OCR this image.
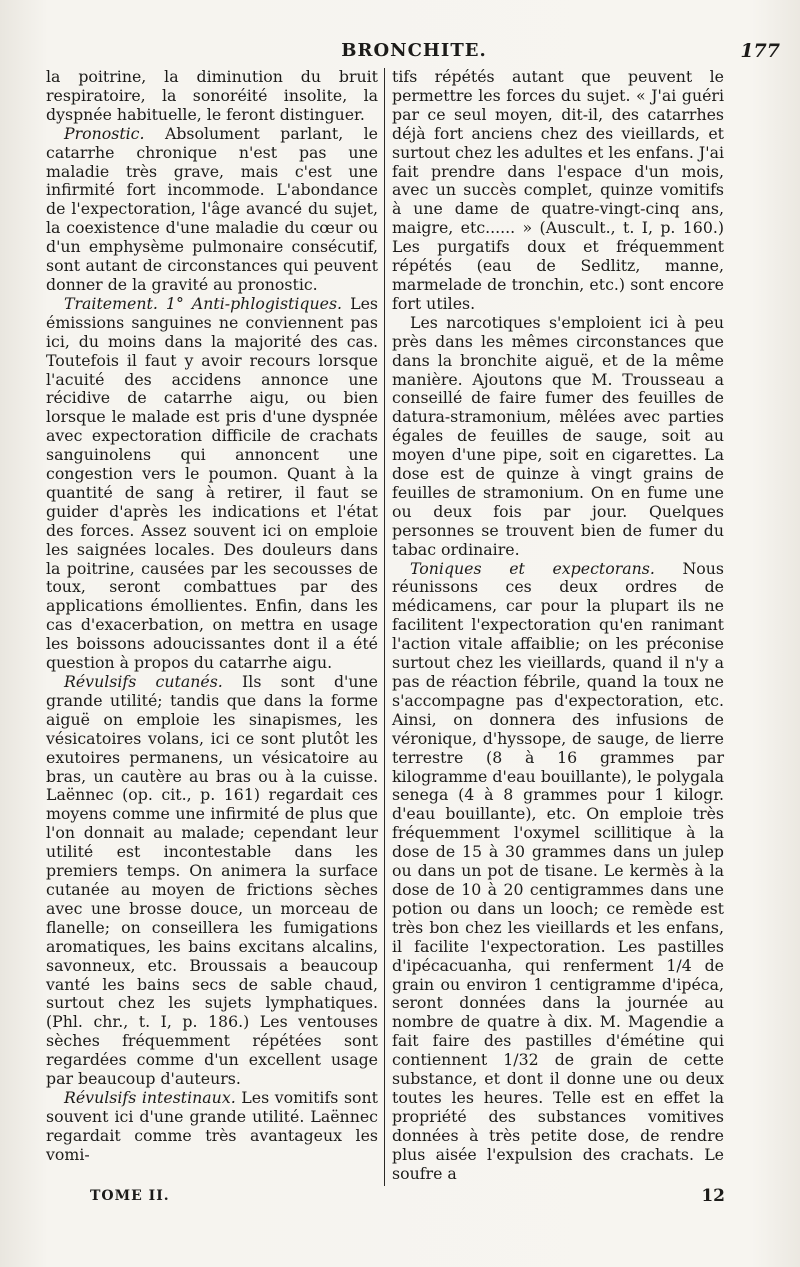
BRONCHITE.	177

la poitrine, la diminution du bruit respiratoire, la sonoréité insolite, la dyspnée habituelle, le feront distinguer.

Pronostic. Absolument parlant, le catarrhe chronique n'est pas une maladie très grave, mais c'est une infirmité fort incommode. L'abondance de l'expectoration, l'âge avancé du sujet, la coexistence d'une maladie du cœur ou d'un emphysème pulmonaire consécutif, sont autant de circonstances qui peuvent donner de la gravité au pronostic.

Traitement. 1° Anti-phlogistiques. Les émissions sanguines ne conviennent pas ici, du moins dans la majorité des cas. Toutefois il faut y avoir recours lorsque l'acuité des accidens annonce une récidive de catarrhe aigu, ou bien lorsque le malade est pris d'une dyspnée avec expectoration difficile de crachats sanguinolens qui annoncent une congestion vers le poumon. Quant à la quantité de sang à retirer, il faut se guider d'après les indications et l'état des forces. Assez souvent ici on emploie les saignées locales. Des douleurs dans la poitrine, causées par les secousses de toux, seront combattues par des applications émollientes. Enfin, dans les cas d'exacerbation, on mettra en usage les boissons adoucissantes dont il a été question à propos du catarrhe aigu.

Révulsifs cutanés. Ils sont d'une grande utilité; tandis que dans la forme aiguë on emploie les sinapismes, les vésicatoires volans, ici ce sont plutôt les exutoires permanens, un vésicatoire au bras, un cautère au bras ou à la cuisse. Laënnec (op. cit., p. 161) regardait ces moyens comme une infirmité de plus que l'on donnait au malade; cependant leur utilité est incontestable dans les premiers temps. On animera la surface cutanée au moyen de frictions sèches avec une brosse douce, un morceau de flanelle; on conseillera les fumigations aromatiques, les bains excitans alcalins, savonneux, etc. Broussais a beaucoup vanté les bains secs de sable chaud, surtout chez les sujets lymphatiques. (Phl. chr., t. I, p. 186.) Les ventouses sèches fréquemment répétées sont regardées comme d'un excellent usage par beaucoup d'auteurs.

Révulsifs intestinaux. Les vomitifs sont souvent ici d'une grande utilité. Laënnec regardait comme très avantageux les vomi-

tifs répétés autant que peuvent le permettre les forces du sujet. « J'ai guéri par ce seul moyen, dit-il, des catarrhes déjà fort anciens chez des vieillards, et surtout chez les adultes et les enfans. J'ai fait prendre dans l'espace d'un mois, avec un succès complet, quinze vomitifs à une dame de quatre-vingt-cinq ans, maigre, etc...... » (Auscult., t. I, p. 160.) Les purgatifs doux et fréquemment répétés (eau de Sedlitz, manne, marmelade de tronchin, etc.) sont encore fort utiles.

Les narcotiques s'emploient ici à peu près dans les mêmes circonstances que dans la bronchite aiguë, et de la même manière. Ajoutons que M. Trousseau a conseillé de faire fumer des feuilles de datura-stramonium, mêlées avec parties égales de feuilles de sauge, soit au moyen d'une pipe, soit en cigarettes. La dose est de quinze à vingt grains de feuilles de stramonium. On en fume une ou deux fois par jour. Quelques personnes se trouvent bien de fumer du tabac ordinaire.

Toniques et expectorans. Nous réunissons ces deux ordres de médicamens, car pour la plupart ils ne facilitent l'expectoration qu'en ranimant l'action vitale affaiblie; on les préconise surtout chez les vieillards, quand il n'y a pas de réaction fébrile, quand la toux ne s'accompagne pas d'expectoration, etc. Ainsi, on donnera des infusions de véronique, d'hyssope, de sauge, de lierre terrestre (8 à 16 grammes par kilogramme d'eau bouillante), le polygala senega (4 à 8 grammes pour 1 kilogr. d'eau bouillante), etc. On emploie très fréquemment l'oxymel scillitique à la dose de 15 à 30 grammes dans un julep ou dans un pot de tisane. Le kermès à la dose de 10 à 20 centigrammes dans une potion ou dans un looch; ce remède est très bon chez les vieillards et les enfans, il facilite l'expectoration. Les pastilles d'ipécacuanha, qui renferment 1/4 de grain ou environ 1 centigramme d'ipéca, seront données dans la journée au nombre de quatre à dix. M. Magendie a fait faire des pastilles d'émétine qui contiennent 1/32 de grain de cette substance, et dont il donne une ou deux toutes les heures. Telle est en effet la propriété des substances vomitives données à très petite dose, de rendre plus aisée l'expulsion des crachats. Le soufre a

TOME II.	12
